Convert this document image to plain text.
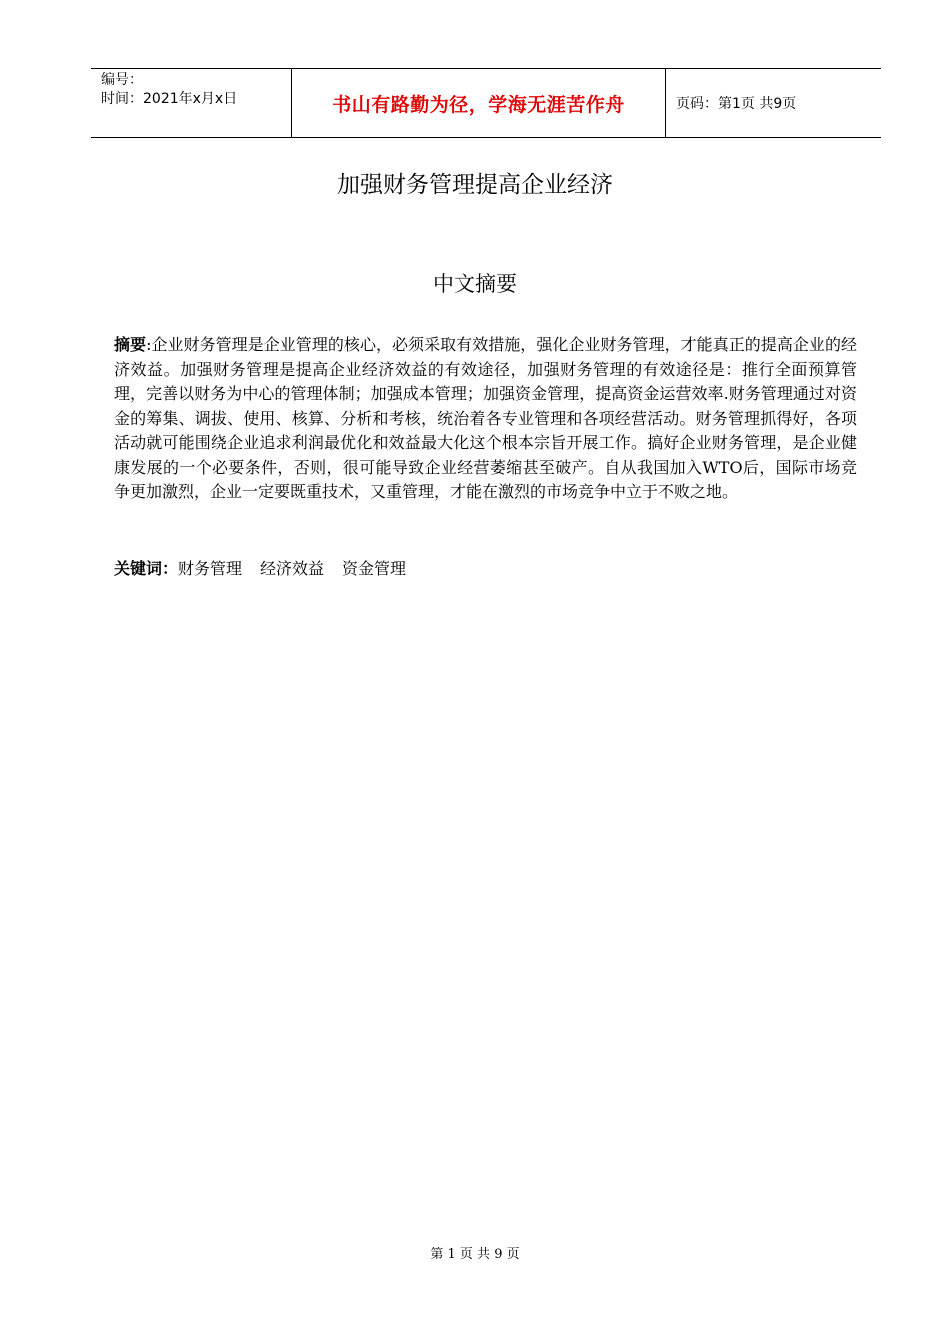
编号：
时间：2021年x月x日	书山有路勤为径，学海无涯苦作舟	页码：第1页 共9页
加强财务管理提高企业经济
中文摘要
摘要:企业财务管理是企业管理的核心，必须采取有效措施，强化企业财务管理，才能真正的提高企业的经济效益。加强财务管理是提高企业经济效益的有效途径，加强财务管理的有效途径是：推行全面预算管理，完善以财务为中心的管理体制；加强成本管理；加强资金管理，提高资金运营效率.财务管理通过对资金的筹集、调拔、使用、核算、分析和考核，统治着各专业管理和各项经营活动。财务管理抓得好，各项活动就可能围绕企业追求利润最优化和效益最大化这个根本宗旨开展工作。搞好企业财务管理，是企业健康发展的一个必要条件，否则，很可能导致企业经营萎缩甚至破产。自从我国加入WTO后，国际市场竞争更加激烈，企业一定要既重技术，又重管理，才能在激烈的市场竞争中立于不败之地。
关键词：财务管理 经济效益 资金管理
第 1 页 共 9 页
